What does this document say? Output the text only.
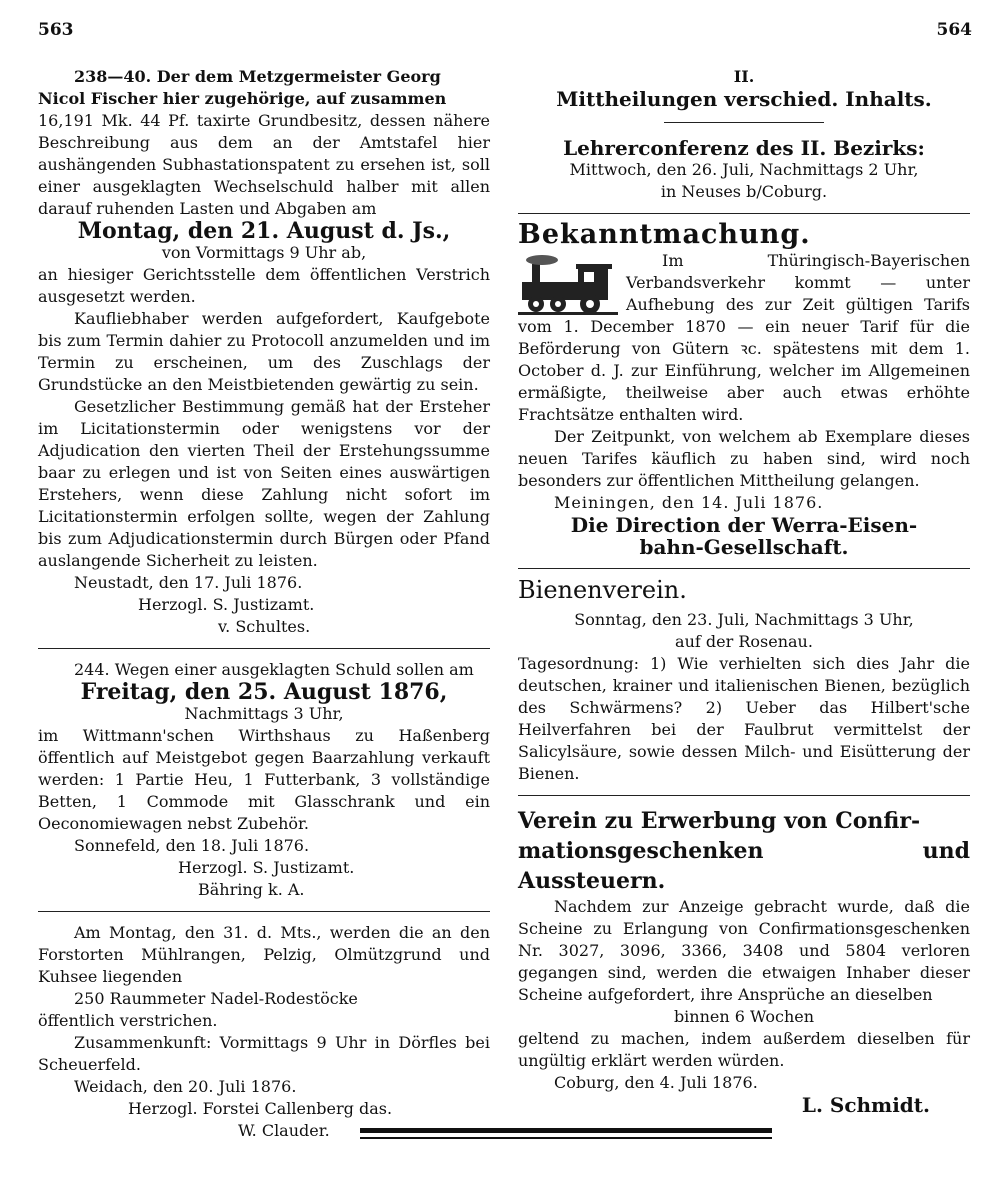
563	564

238—40. Der dem Metzgermeister Georg

Nicol Fischer hier zugehörige, auf zusammen

16,191 Mk. 44 Pf. taxirte Grundbesitz, dessen nähere Beschreibung aus dem an der Amtstafel hier aushängenden Subhastationspatent zu ersehen ist, soll einer ausgeklagten Wechselschuld halber mit allen darauf ruhenden Lasten und Abgaben am

Montag, den 21. August d. Js.,

von Vormittags 9 Uhr ab,

an hiesiger Gerichtsstelle dem öffentlichen Verstrich ausgesetzt werden.

Kaufliebhaber werden aufgefordert, Kaufgebote bis zum Termin dahier zu Protocoll anzumelden und im Termin zu erscheinen, um des Zuschlags der Grundstücke an den Meistbietenden gewärtig zu sein.

Gesetzlicher Bestimmung gemäß hat der Ersteher im Licitationstermin oder wenigstens vor der Adjudication den vierten Theil der Erstehungssumme baar zu erlegen und ist von Seiten eines auswärtigen Erstehers, wenn diese Zahlung nicht sofort im Licitationstermin erfolgen sollte, wegen der Zahlung bis zum Adjudicationstermin durch Bürgen oder Pfand auslangende Sicherheit zu leisten.

Neustadt, den 17. Juli 1876.

Herzogl. S. Justizamt.

v. Schultes.

244. Wegen einer ausgeklagten Schuld sollen am

Freitag, den 25. August 1876,

Nachmittags 3 Uhr,

im Wittmann'schen Wirthshaus zu Haßenberg öffentlich auf Meistgebot gegen Baarzahlung verkauft werden: 1 Partie Heu, 1 Futterbank, 3 vollständige Betten, 1 Commode mit Glasschrank und ein Oeconomiewagen nebst Zubehör.

Sonnefeld, den 18. Juli 1876.

Herzogl. S. Justizamt.

Bähring k. A.

Am Montag, den 31. d. Mts., werden die an den Forstorten Mühlrangen, Pelzig, Olmützgrund und Kuhsee liegenden

250 Raummeter Nadel-Rodestöcke

öffentlich verstrichen.

Zusammenkunft: Vormittags 9 Uhr in Dörfles bei Scheuerfeld.

Weidach, den 20. Juli 1876.

Herzogl. Forstei Callenberg das.

W. Clauder.

II.

Mittheilungen verschied. Inhalts.

Lehrerconferenz des II. Bezirks:

Mittwoch, den 26. Juli, Nachmittags 2 Uhr,

in Neuses b/Coburg.

Bekanntmachung.

Im Thüringisch-Bayerischen Verbandsverkehr kommt — unter Aufhebung des zur Zeit gültigen Tarifs vom 1. December 1870 — ein neuer Tarif für die Beförderung von Gütern ꝛc. spätestens mit dem 1. October d. J. zur Einführung, welcher im Allgemeinen ermäßigte, theilweise aber auch etwas erhöhte Frachtsätze enthalten wird.

Der Zeitpunkt, von welchem ab Exemplare dieses neuen Tarifes käuflich zu haben sind, wird noch besonders zur öffentlichen Mittheilung gelangen.

Meiningen, den 14. Juli 1876.

Die Direction der Werra-Eisen-

bahn-Gesellschaft.

Bienenverein.

Sonntag, den 23. Juli, Nachmittags 3 Uhr,

auf der Rosenau.

Tagesordnung: 1) Wie verhielten sich dies Jahr die deutschen, krainer und italienischen Bienen, bezüglich des Schwärmens? 2) Ueber das Hilbert'sche Heilverfahren bei der Faulbrut vermittelst der Salicylsäure, sowie dessen Milch- und Eisütterung der Bienen.

Verein zu Erwerbung von Confir-

mationsgeschenken und Aussteuern.

Nachdem zur Anzeige gebracht wurde, daß die Scheine zu Erlangung von Confirmationsgeschenken Nr. 3027, 3096, 3366, 3408 und 5804 verloren gegangen sind, werden die etwaigen Inhaber dieser Scheine aufgefordert, ihre Ansprüche an dieselben

binnen 6 Wochen

geltend zu machen, indem außerdem dieselben für ungültig erklärt werden würden.

Coburg, den 4. Juli 1876.

L. Schmidt.
